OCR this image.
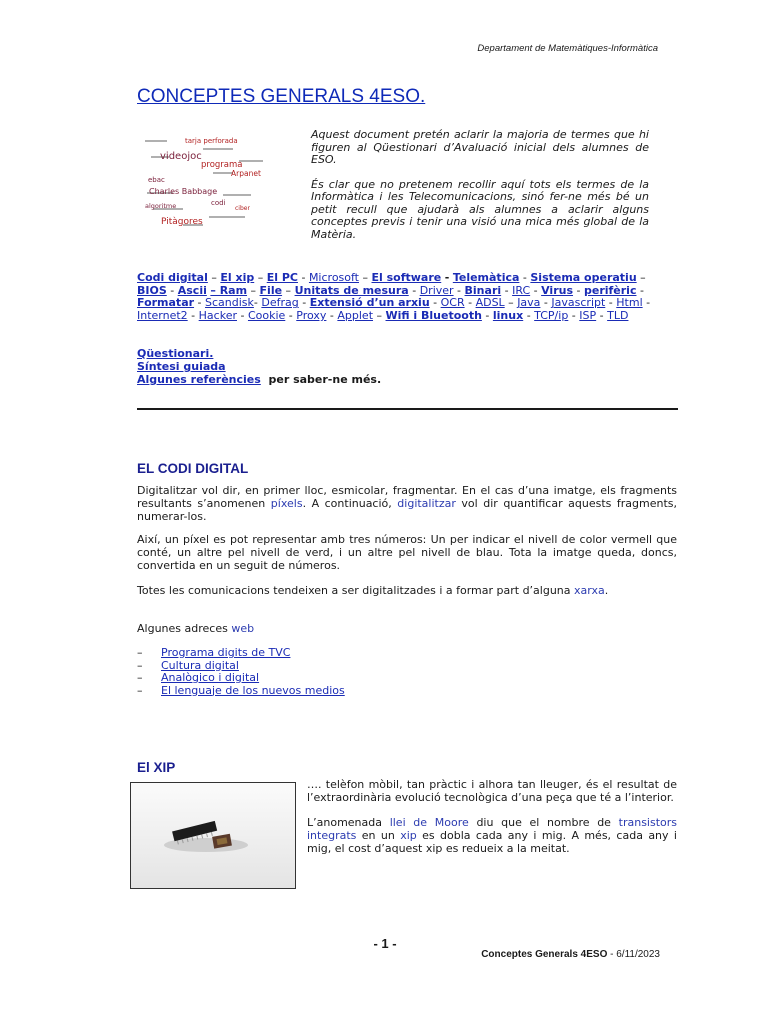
Departament de Matemàtiques-Informàtica
CONCEPTES GENERALS 4ESO.
tarja perforada
videojoc
programa
Arpanet
ebac
Charles Babbage
algoritme
Pitàgores
codi
ciber

Aquest document pretén aclarir la majoria de termes que hi figuren al Qüestionari d’Avaluació inicial dels alumnes de ESO.

És clar que no pretenem recollir aquí tots els termes de la Informàtica i les Telecomunicacions, sinó fer-ne més bé un petit recull que ajudarà als alumnes a aclarir alguns conceptes previs i tenir una visió una mica més global de la Matèria.

Codi digital – El xip – El PC - Microsoft – El software - Telemàtica - Sistema operatiu – BIOS - Ascii – Ram – File – Unitats de mesura - Driver - Binari - IRC - Virus - perifèric - Formatar - Scandisk- Defrag - Extensió d’un arxiu - OCR - ADSL – Java - Javascript - Html - Internet2 - Hacker - Cookie - Proxy - Applet – Wifi i Bluetooth - linux - TCP/ip - ISP - TLD
Qüestionari.
Síntesi guiada
Algunes referències per saber-ne més.
EL CODI DIGITAL

Digitalitzar vol dir, en primer lloc, esmicolar, fragmentar. En el cas d’una imatge, els fragments resultants s’anomenen píxels. A continuació, digitalitzar vol dir quantificar aquests fragments, numerar-los.

Així, un píxel es pot representar amb tres números: Un per indicar el nivell de color vermell que conté, un altre pel nivell de verd, i un altre pel nivell de blau. Tota la imatge queda, doncs, convertida en un seguit de números.
Totes les comunicacions tendeixen a ser digitalitzades i a formar part d’alguna xarxa.
Algunes adreces web
–	Programa digits de TVC
–	Cultura digital
–	Analògico i digital
–	El lenguaje de los nuevos medios
El XIP

…. telèfon mòbil, tan pràctic i alhora tan lleuger, és el resultat de l’extraordinària evolució tecnològica d’una peça que té a l’interior.

L’anomenada llei de Moore diu que el nombre de transistors integrats en un xip es dobla cada any i mig. A més, cada any i mig, el cost d’aquest xip es redueix a la meitat.

- 1 -
Conceptes Generals 4ESO - 6/11/2023
